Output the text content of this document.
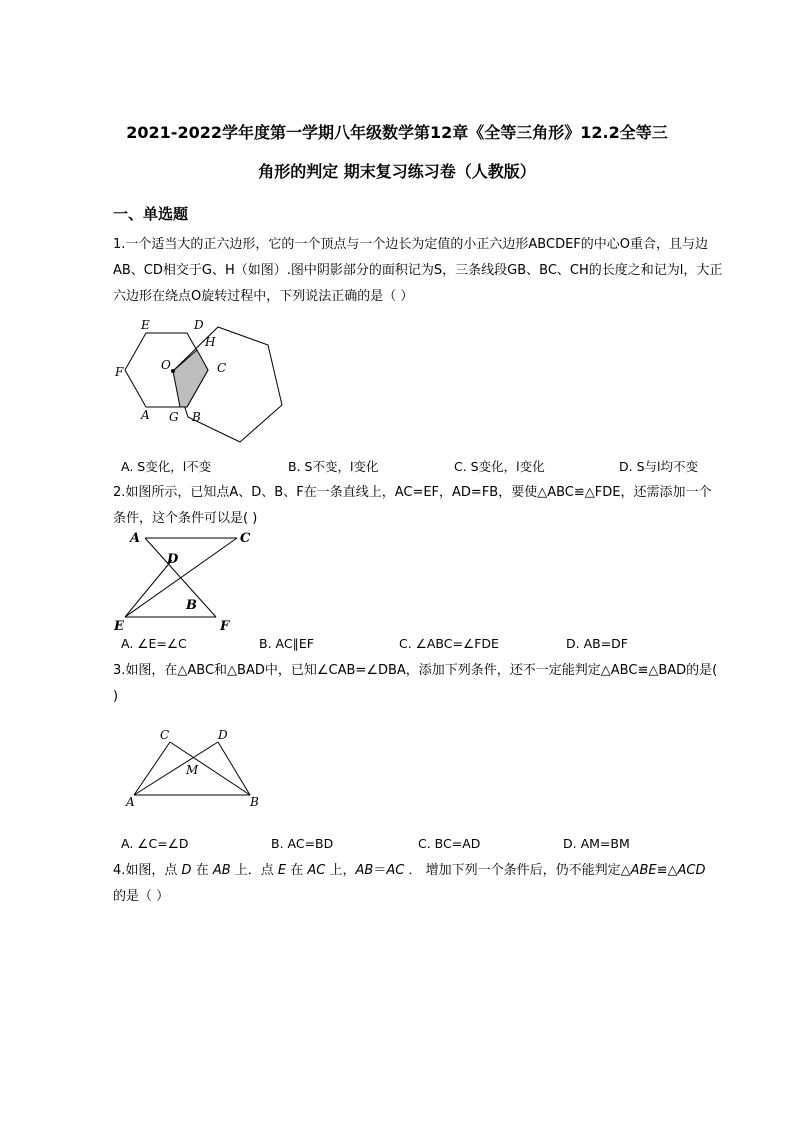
2021-2022学年度第一学期八年级数学第12章《全等三角形》12.2全等三
角形的判定 期末复习练习卷（人教版）
一、单选题
1.一个适当大的正六边形，它的一个顶点与一个边长为定值的小正六边形ABCDEF的中心O重合，且与边AB、CD相交于G、H（如图）.图中阴影部分的面积记为S，三条线段GB、BC、CH的长度之和记为l，大正六边形在绕点O旋转过程中，下列说法正确的是（ ）
E	D
H
F	O	C
A G B
A. S变化，l不变	B. S不变，l变化	C. S变化，l变化	D. S与l均不变
2.如图所示，已知点A、D、B、F在一条直线上，AC=EF，AD=FB，要使△ABC≌△FDE，还需添加一个条件，这个条件可以是( )
A	C
D
B
E	F
A. ∠E=∠C	B. AC∥EF	C. ∠ABC=∠FDE	D. AB=DF
3.如图，在△ABC和△BAD中，已知∠CAB=∠DBA，添加下列条件，还不一定能判定△ABC≌△BAD的是( )
C	D
M
A	B
A. ∠C=∠D	B. AC=BD	C. BC=AD	D. AM=BM
4.如图，点 D 在 AB 上．点 E 在 AC 上，AB＝AC ． 增加下列一个条件后，仍不能判定△ABE≌△ACD
的是（ ）
